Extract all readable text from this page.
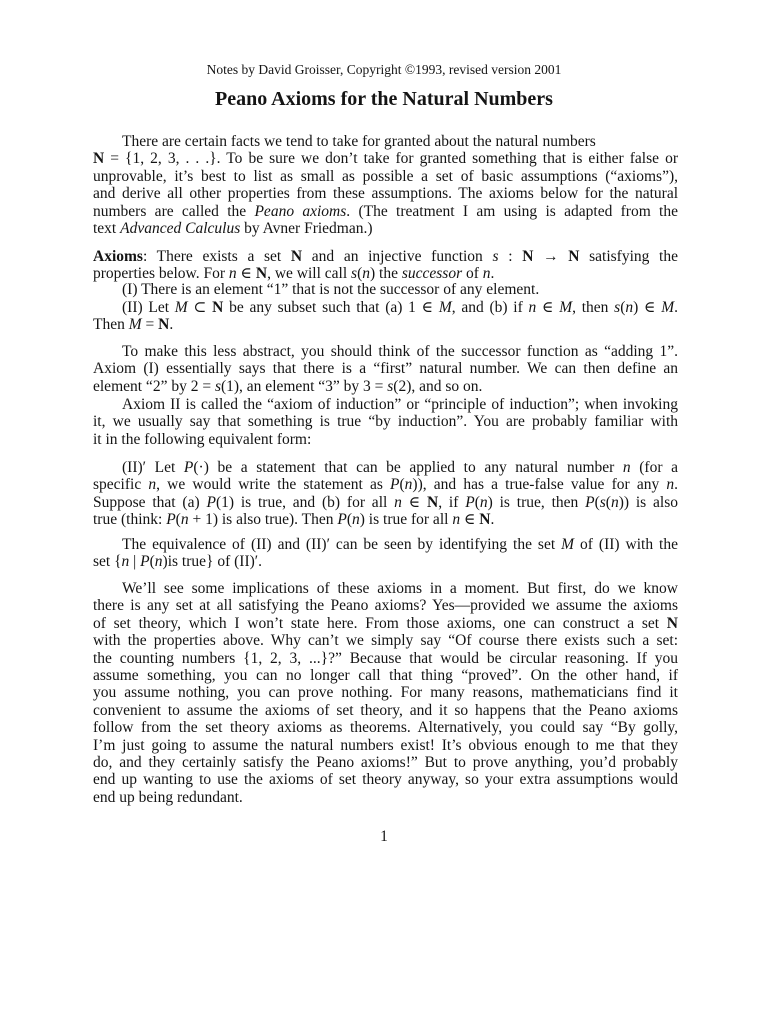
Notes by David Groisser, Copyright ©1993, revised version 2001
Peano Axioms for the Natural Numbers
There are certain facts we tend to take for granted about the natural numbers
N = {1, 2, 3, . . .}. To be sure we don’t take for granted something that is either false or
unprovable, it’s best to list as small as possible a set of basic assumptions (“axioms”),
and derive all other properties from these assumptions. The axioms below for the natural
numbers are called the Peano axioms. (The treatment I am using is adapted from the
text Advanced Calculus by Avner Friedman.)
Axioms: There exists a set N and an injective function s : N → N satisfying the
properties below. For n ∈ N, we will call s(n) the successor of n.
(I) There is an element “1” that is not the successor of any element.
(II) Let M ⊂ N be any subset such that (a) 1 ∈ M, and (b) if n ∈ M, then s(n) ∈ M.
Then M = N.
To make this less abstract, you should think of the successor function as “adding 1”.
Axiom (I) essentially says that there is a “first” natural number. We can then define an
element “2” by 2 = s(1), an element “3” by 3 = s(2), and so on.
Axiom II is called the “axiom of induction” or “principle of induction”; when invoking
it, we usually say that something is true “by induction”. You are probably familiar with
it in the following equivalent form:
(II)′ Let P(·) be a statement that can be applied to any natural number n (for a
specific n, we would write the statement as P(n)), and has a true-false value for any n.
Suppose that (a) P(1) is true, and (b) for all n ∈ N, if P(n) is true, then P(s(n)) is also
true (think: P(n + 1) is also true). Then P(n) is true for all n ∈ N.
The equivalence of (II) and (II)′ can be seen by identifying the set M of (II) with the
set {n | P(n)is true} of (II)′.
We’ll see some implications of these axioms in a moment. But first, do we know
there is any set at all satisfying the Peano axioms? Yes—provided we assume the axioms
of set theory, which I won’t state here. From those axioms, one can construct a set N
with the properties above. Why can’t we simply say “Of course there exists such a set:
the counting numbers {1, 2, 3, ...}?” Because that would be circular reasoning. If you
assume something, you can no longer call that thing “proved”. On the other hand, if
you assume nothing, you can prove nothing. For many reasons, mathematicians find it
convenient to assume the axioms of set theory, and it so happens that the Peano axioms
follow from the set theory axioms as theorems. Alternatively, you could say “By golly,
I’m just going to assume the natural numbers exist! It’s obvious enough to me that they
do, and they certainly satisfy the Peano axioms!” But to prove anything, you’d probably
end up wanting to use the axioms of set theory anyway, so your extra assumptions would
end up being redundant.
1
